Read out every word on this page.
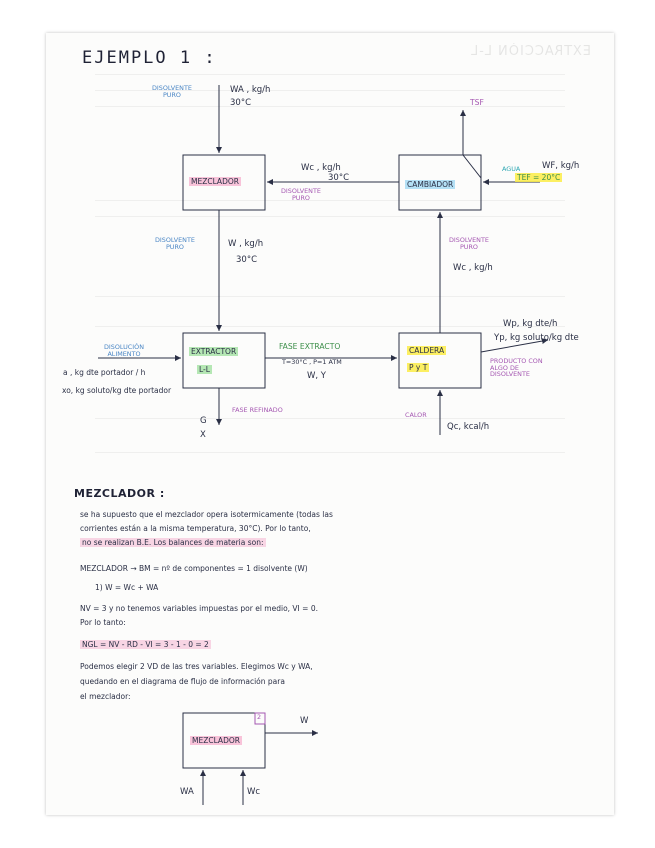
EXTRACCIÓN L-L
EJEMPLO 1 :
MEZCLADOR
DISOLVENTE
PURO	WA , kg/h
30°C
DISOLVENTE
PURO	W , kg/h
30°C
CAMBIADOR
Wc , kg/h
30°C
DISOLVENTE
PURO
TSF
AGUA	WF, kg/h
TEF = 20°C
DISOLVENTE
PURO
Wc , kg/h
EXTRACTOR
L-L
DISOLUCIÓN
ALIMENTO
a , kg dte portador / h
xo, kg soluto/kg dte portador
FASE REFINADO
G
X
FASE EXTRACTO
T=30°C , P=1 ATM
W, Y
CALDERA
P y T
Wp, kg dte/h
Yp, kg soluto/kg dte
PRODUCTO CON
ALGO DE
DISOLVENTE
CALOR
Qc, kcal/h
MEZCLADOR :
se ha supuesto que el mezclador opera isotermicamente (todas las
corrientes están a la misma temperatura, 30°C). Por lo tanto,
no se realizan B.E. Los balances de materia son:
MEZCLADOR → BM = nº de componentes = 1 disolvente (W)
1) W = Wc + WA
NV = 3 y no tenemos variables impuestas por el medio, VI = 0.
Por lo tanto:
NGL = NV - RD - VI = 3 - 1 - 0 = 2
Podemos elegir 2 VD de las tres variables. Elegimos Wc y WA,
quedando en el diagrama de flujo de información para
el mezclador:
MEZCLADOR
2	W
WA	Wc
